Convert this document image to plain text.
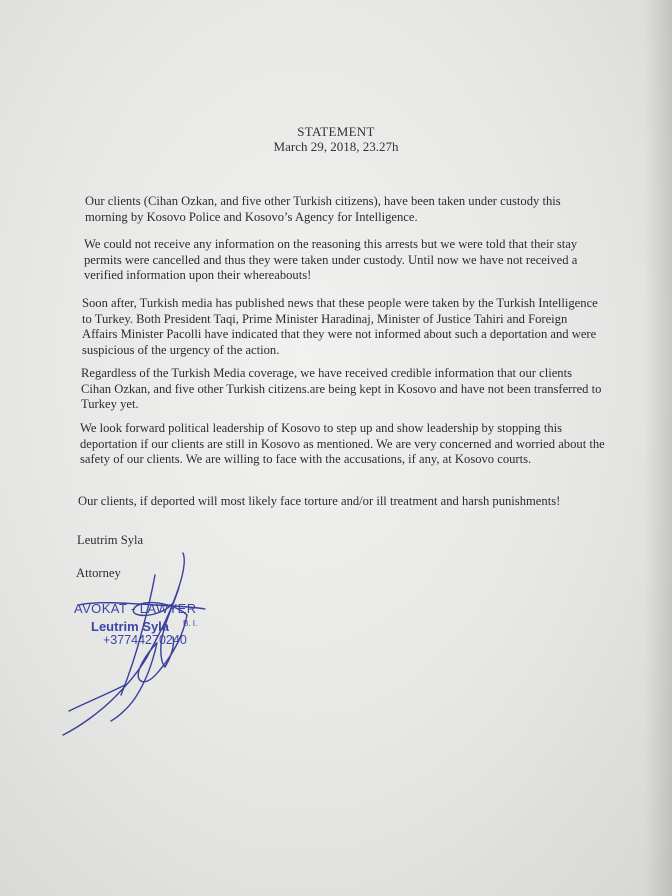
STATEMENT
March 29, 2018, 23.27h

Our clients (Cihan Ozkan, and five other Turkish citizens), have been taken under custody this morning by Kosovo Police and Kosovo’s Agency for Intelligence.

We could not receive any information on the reasoning this arrests but we were told that their stay permits were cancelled and thus they were taken under custody. Until now we have not received a verified information upon their whereabouts!

Soon after, Turkish media has published news that these people were taken by the Turkish Intelligence to Turkey. Both President Taqi, Prime Minister Haradinaj, Minister of Justice Tahiri and Foreign Affairs Minister Pacolli have indicated that they were not informed about such a deportation and were suspicious of the urgency of the action.

Regardless of the Turkish Media coverage, we have received credible information that our clients Cihan Ozkan, and five other Turkish citizens.are being kept in Kosovo and have not been transferred to Turkey yet.

We look forward political leadership of Kosovo to step up and show leadership by stopping this deportation if our clients are still in Kosovo as mentioned. We are very concerned and worried about the safety of our clients. We are willing to face with the accusations, if any, at Kosovo courts.

Our clients, if deported will most likely face torture and/or ill treatment and harsh punishments!

Leutrim Syla
Attorney
AVOKAT - LAWYER
Leutrim Syla B. I.
+37744270240
